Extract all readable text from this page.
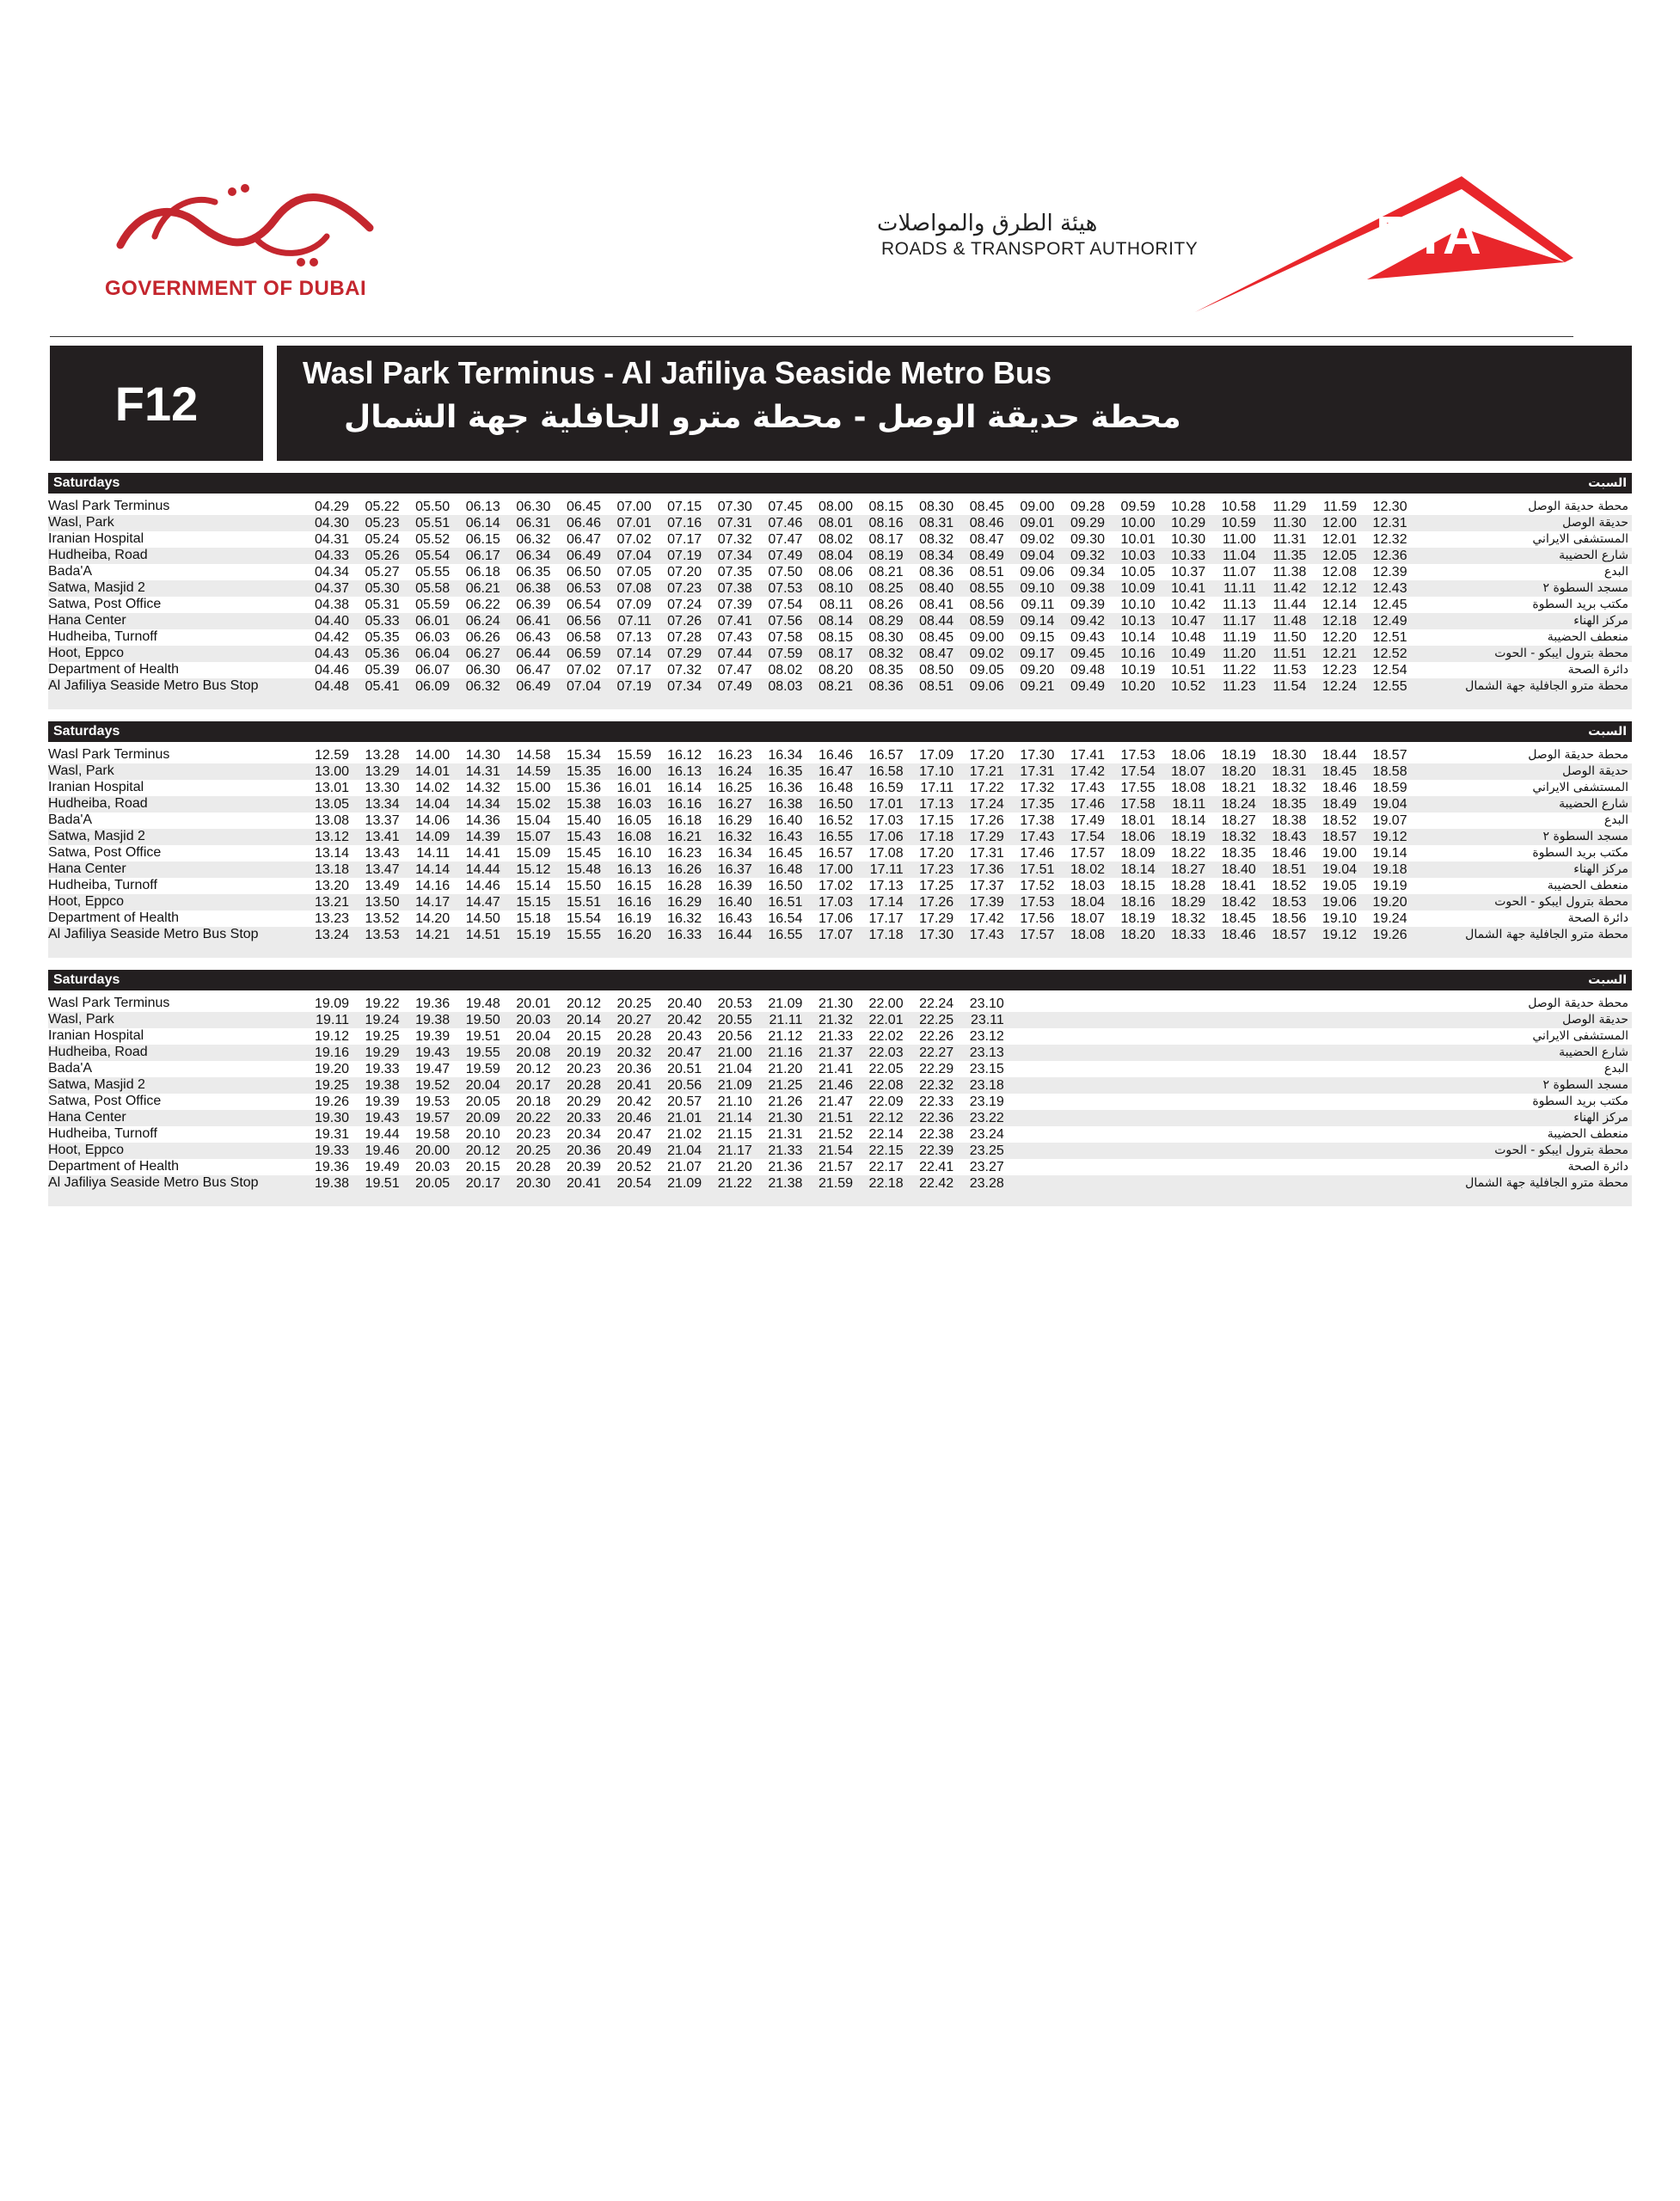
GOVERNMENT OF DUBAI
هيئة الطرق والمواصلات
ROADS & TRANSPORT AUTHORITY	RTA
F12
Wasl Park Terminus - Al Jafiliya Seaside Metro Bus
محطة حديقة الوصل - محطة مترو الجافلية جهة الشمال
Saturdays	السبت
Wasl Park Terminus	04.29	05.22	05.50	06.13	06.30	06.45	07.00	07.15	07.30	07.45	08.00	08.15	08.30	08.45	09.00	09.28	09.59	10.28	10.58	11.29	11.59	12.30	محطة حديقة الوصل
Wasl, Park	04.30	05.23	05.51	06.14	06.31	06.46	07.01	07.16	07.31	07.46	08.01	08.16	08.31	08.46	09.01	09.29	10.00	10.29	10.59	11.30	12.00	12.31	حديقة الوصل
Iranian Hospital	04.31	05.24	05.52	06.15	06.32	06.47	07.02	07.17	07.32	07.47	08.02	08.17	08.32	08.47	09.02	09.30	10.01	10.30	11.00	11.31	12.01	12.32	المستشفى الايراني
Hudheiba, Road	04.33	05.26	05.54	06.17	06.34	06.49	07.04	07.19	07.34	07.49	08.04	08.19	08.34	08.49	09.04	09.32	10.03	10.33	11.04	11.35	12.05	12.36	شارع الحضيبة
Bada'A	04.34	05.27	05.55	06.18	06.35	06.50	07.05	07.20	07.35	07.50	08.06	08.21	08.36	08.51	09.06	09.34	10.05	10.37	11.07	11.38	12.08	12.39	البدع
Satwa, Masjid 2	04.37	05.30	05.58	06.21	06.38	06.53	07.08	07.23	07.38	07.53	08.10	08.25	08.40	08.55	09.10	09.38	10.09	10.41	11.11	11.42	12.12	12.43	مسجد السطوة ٢
Satwa, Post Office	04.38	05.31	05.59	06.22	06.39	06.54	07.09	07.24	07.39	07.54	08.11	08.26	08.41	08.56	09.11	09.39	10.10	10.42	11.13	11.44	12.14	12.45	مكتب بريد السطوة
Hana Center	04.40	05.33	06.01	06.24	06.41	06.56	07.11	07.26	07.41	07.56	08.14	08.29	08.44	08.59	09.14	09.42	10.13	10.47	11.17	11.48	12.18	12.49	مركز الهناء
Hudheiba, Turnoff	04.42	05.35	06.03	06.26	06.43	06.58	07.13	07.28	07.43	07.58	08.15	08.30	08.45	09.00	09.15	09.43	10.14	10.48	11.19	11.50	12.20	12.51	منعطف الحضيبة
Hoot, Eppco	04.43	05.36	06.04	06.27	06.44	06.59	07.14	07.29	07.44	07.59	08.17	08.32	08.47	09.02	09.17	09.45	10.16	10.49	11.20	11.51	12.21	12.52	محطة بترول ايبكو - الحوت
Department of Health	04.46	05.39	06.07	06.30	06.47	07.02	07.17	07.32	07.47	08.02	08.20	08.35	08.50	09.05	09.20	09.48	10.19	10.51	11.22	11.53	12.23	12.54	دائرة الصحة
Al Jafiliya Seaside Metro Bus Stop	04.48	05.41	06.09	06.32	06.49	07.04	07.19	07.34	07.49	08.03	08.21	08.36	08.51	09.06	09.21	09.49	10.20	10.52	11.23	11.54	12.24	12.55	محطة مترو الجافلية جهة الشمال
Saturdays	السبت
Wasl Park Terminus	12.59	13.28	14.00	14.30	14.58	15.34	15.59	16.12	16.23	16.34	16.46	16.57	17.09	17.20	17.30	17.41	17.53	18.06	18.19	18.30	18.44	18.57	محطة حديقة الوصل
Wasl, Park	13.00	13.29	14.01	14.31	14.59	15.35	16.00	16.13	16.24	16.35	16.47	16.58	17.10	17.21	17.31	17.42	17.54	18.07	18.20	18.31	18.45	18.58	حديقة الوصل
Iranian Hospital	13.01	13.30	14.02	14.32	15.00	15.36	16.01	16.14	16.25	16.36	16.48	16.59	17.11	17.22	17.32	17.43	17.55	18.08	18.21	18.32	18.46	18.59	المستشفى الايراني
Hudheiba, Road	13.05	13.34	14.04	14.34	15.02	15.38	16.03	16.16	16.27	16.38	16.50	17.01	17.13	17.24	17.35	17.46	17.58	18.11	18.24	18.35	18.49	19.04	شارع الحضيبة
Bada'A	13.08	13.37	14.06	14.36	15.04	15.40	16.05	16.18	16.29	16.40	16.52	17.03	17.15	17.26	17.38	17.49	18.01	18.14	18.27	18.38	18.52	19.07	البدع
Satwa, Masjid 2	13.12	13.41	14.09	14.39	15.07	15.43	16.08	16.21	16.32	16.43	16.55	17.06	17.18	17.29	17.43	17.54	18.06	18.19	18.32	18.43	18.57	19.12	مسجد السطوة ٢
Satwa, Post Office	13.14	13.43	14.11	14.41	15.09	15.45	16.10	16.23	16.34	16.45	16.57	17.08	17.20	17.31	17.46	17.57	18.09	18.22	18.35	18.46	19.00	19.14	مكتب بريد السطوة
Hana Center	13.18	13.47	14.14	14.44	15.12	15.48	16.13	16.26	16.37	16.48	17.00	17.11	17.23	17.36	17.51	18.02	18.14	18.27	18.40	18.51	19.04	19.18	مركز الهناء
Hudheiba, Turnoff	13.20	13.49	14.16	14.46	15.14	15.50	16.15	16.28	16.39	16.50	17.02	17.13	17.25	17.37	17.52	18.03	18.15	18.28	18.41	18.52	19.05	19.19	منعطف الحضيبة
Hoot, Eppco	13.21	13.50	14.17	14.47	15.15	15.51	16.16	16.29	16.40	16.51	17.03	17.14	17.26	17.39	17.53	18.04	18.16	18.29	18.42	18.53	19.06	19.20	محطة بترول ايبكو - الحوت
Department of Health	13.23	13.52	14.20	14.50	15.18	15.54	16.19	16.32	16.43	16.54	17.06	17.17	17.29	17.42	17.56	18.07	18.19	18.32	18.45	18.56	19.10	19.24	دائرة الصحة
Al Jafiliya Seaside Metro Bus Stop	13.24	13.53	14.21	14.51	15.19	15.55	16.20	16.33	16.44	16.55	17.07	17.18	17.30	17.43	17.57	18.08	18.20	18.33	18.46	18.57	19.12	19.26	محطة مترو الجافلية جهة الشمال
Saturdays	السبت
Wasl Park Terminus	19.09	19.22	19.36	19.48	20.01	20.12	20.25	20.40	20.53	21.09	21.30	22.00	22.24	23.10	محطة حديقة الوصل
Wasl, Park	19.11	19.24	19.38	19.50	20.03	20.14	20.27	20.42	20.55	21.11	21.32	22.01	22.25	23.11	حديقة الوصل
Iranian Hospital	19.12	19.25	19.39	19.51	20.04	20.15	20.28	20.43	20.56	21.12	21.33	22.02	22.26	23.12	المستشفى الايراني
Hudheiba, Road	19.16	19.29	19.43	19.55	20.08	20.19	20.32	20.47	21.00	21.16	21.37	22.03	22.27	23.13	شارع الحضيبة
Bada'A	19.20	19.33	19.47	19.59	20.12	20.23	20.36	20.51	21.04	21.20	21.41	22.05	22.29	23.15	البدع
Satwa, Masjid 2	19.25	19.38	19.52	20.04	20.17	20.28	20.41	20.56	21.09	21.25	21.46	22.08	22.32	23.18	مسجد السطوة ٢
Satwa, Post Office	19.26	19.39	19.53	20.05	20.18	20.29	20.42	20.57	21.10	21.26	21.47	22.09	22.33	23.19	مكتب بريد السطوة
Hana Center	19.30	19.43	19.57	20.09	20.22	20.33	20.46	21.01	21.14	21.30	21.51	22.12	22.36	23.22	مركز الهناء
Hudheiba, Turnoff	19.31	19.44	19.58	20.10	20.23	20.34	20.47	21.02	21.15	21.31	21.52	22.14	22.38	23.24	منعطف الحضيبة
Hoot, Eppco	19.33	19.46	20.00	20.12	20.25	20.36	20.49	21.04	21.17	21.33	21.54	22.15	22.39	23.25	محطة بترول ايبكو - الحوت
Department of Health	19.36	19.49	20.03	20.15	20.28	20.39	20.52	21.07	21.20	21.36	21.57	22.17	22.41	23.27	دائرة الصحة
Al Jafiliya Seaside Metro Bus Stop	19.38	19.51	20.05	20.17	20.30	20.41	20.54	21.09	21.22	21.38	21.59	22.18	22.42	23.28	محطة مترو الجافلية جهة الشمال
